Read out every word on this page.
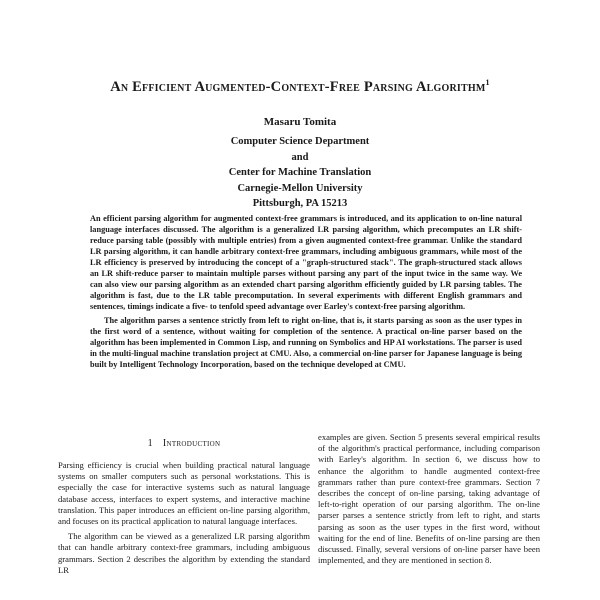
An Efficient Augmented-Context-Free Parsing Algorithm$^1$
Masaru Tomita
Computer Science Department
and
Center for Machine Translation
Carnegie-Mellon University
Pittsburgh, PA 15213

An efficient parsing algorithm for augmented context-free grammars is introduced, and its application to on-line natural language interfaces discussed. The algorithm is a generalized LR parsing algorithm, which precomputes an LR shift-reduce parsing table (possibly with multiple entries) from a given augmented context-free grammar. Unlike the standard LR parsing algorithm, it can handle arbitrary context-free grammars, including ambiguous grammars, while most of the LR efficiency is preserved by introducing the concept of a "graph-structured stack". The graph-structured stack allows an LR shift-reduce parser to maintain multiple parses without parsing any part of the input twice in the same way. We can also view our parsing algorithm as an extended chart parsing algorithm efficiently guided by LR parsing tables. The algorithm is fast, due to the LR table precomputation. In several experiments with different English grammars and sentences, timings indicate a five- to tenfold speed advantage over Earley's context-free parsing algorithm.

The algorithm parses a sentence strictly from left to right on-line, that is, it starts parsing as soon as the user types in the first word of a sentence, without waiting for completion of the sentence. A practical on-line parser based on the algorithm has been implemented in Common Lisp, and running on Symbolics and HP AI workstations. The parser is used in the multi-lingual machine translation project at CMU. Also, a commercial on-line parser for Japanese language is being built by Intelligent Technology Incorporation, based on the technique developed at CMU.

1 Introduction

Parsing efficiency is crucial when building practical natural language systems on smaller computers such as personal workstations. This is especially the case for interactive systems such as natural language database access, interfaces to expert systems, and interactive machine translation. This paper introduces an efficient on-line parsing algorithm, and focuses on its practical application to natural language interfaces.

The algorithm can be viewed as a generalized LR parsing algorithm that can handle arbitrary context-free grammars, including ambiguous grammars. Section 2 describes the algorithm by extending the standard LR

examples are given. Section 5 presents several empirical results of the algorithm's practical performance, including comparison with Earley's algorithm. In section 6, we discuss how to enhance the algorithm to handle augmented context-free grammars rather than pure context-free grammars. Section 7 describes the concept of on-line parsing, taking advantage of left-to-right operation of our parsing algorithm. The on-line parser parses a sentence strictly from left to right, and starts parsing as soon as the user types in the first word, without waiting for the end of line. Benefits of on-line parsing are then discussed. Finally, several versions of on-line parser have been implemented, and they are mentioned in section 8.
